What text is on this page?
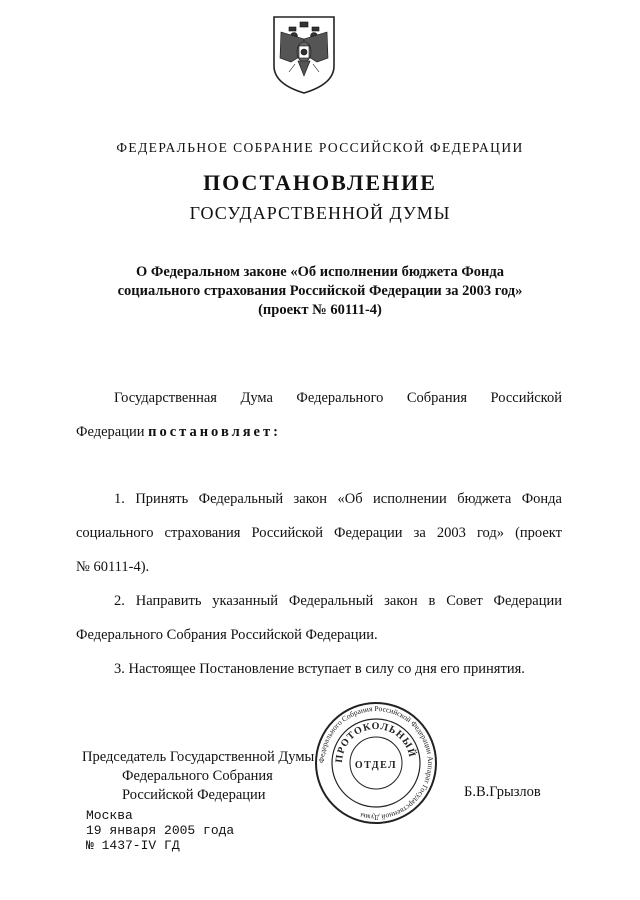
ФЕДЕРАЛЬНОЕ СОБРАНИЕ РОССИЙСКОЙ ФЕДЕРАЦИИ
ПОСТАНОВЛЕНИЕ
ГОСУДАРСТВЕННОЙ ДУМЫ
О Федеральном законе «Об исполнении бюджета Фонда
социального страхования Российской Федерации за 2003 год»
(проект № 60111-4)
Государственная Дума Федерального Собрания Российской
Федерации постановляет:
1. Принять Федеральный закон «Об исполнении бюджета Фонда
социального страхования Российской Федерации за 2003 год» (проект
№ 60111-4).
2. Направить указанный Федеральный закон в Совет Федерации
Федерального Собрания Российской Федерации.
3. Настоящее Постановление вступает в силу со дня его принятия.
Федерального Собрания Российской Федерации Аппарат Государственной Думы
ПРОТОКОЛЬНЫЙ
ОТДЕЛ
Председатель Государственной Думы
Федерального Собрания
Российской Федерации	Б.В.Грызлов
Москва
19 января 2005 года
№ 1437-IV ГД
